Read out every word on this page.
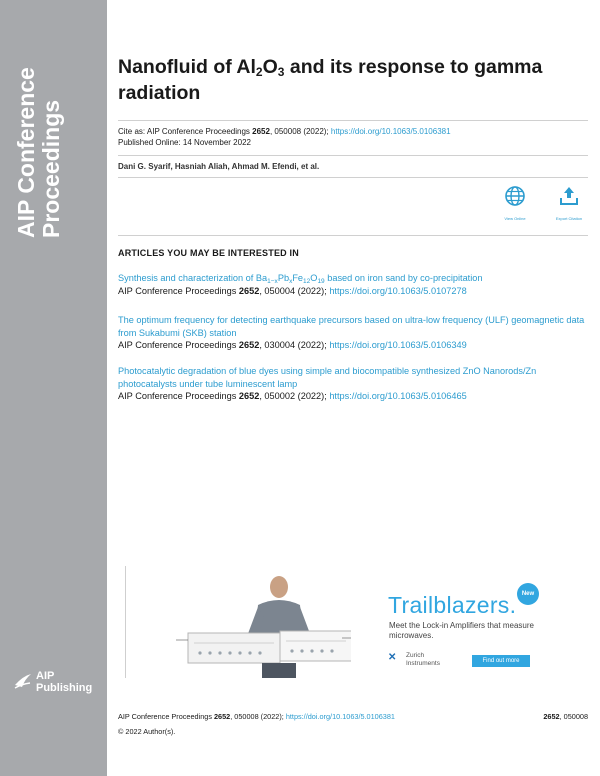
AIP Conference Proceedings
AIP
Publishing
Nanofluid of $Al_2O_3$ and its response to gamma radiation
Cite as: AIP Conference Proceedings 2652, 050008 (2022); https://doi.org/10.1063/5.0106381
Published Online: 14 November 2022
Dani G. Syarif, Hasniah Aliah, Ahmad M. Efendi, et al.
View Online	Export Citation
ARTICLES YOU MAY BE INTERESTED IN
Synthesis and characterization of $Ba_{1-x}Pb_xFe_{12}O_{19}$ based on iron sand by co-precipitation
AIP Conference Proceedings 2652, 050004 (2022); https://doi.org/10.1063/5.0107278
The optimum frequency for detecting earthquake precursors based on ultra-low frequency (ULF) geomagnetic data from Sukabumi (SKB) station
AIP Conference Proceedings 2652, 030004 (2022); https://doi.org/10.1063/5.0106349
Photocatalytic degradation of blue dyes using simple and biocompatible synthesized ZnO Nanorods/Zn photocatalysts under tube luminescent lamp
AIP Conference Proceedings 2652, 050002 (2022); https://doi.org/10.1063/5.0106465
New
Trailblazers.
Meet the Lock-in Amplifiers that measure microwaves.
✕ Zurich
Instruments	Find out more
AIP Conference Proceedings 2652, 050008 (2022); https://doi.org/10.1063/5.0106381	2652, 050008
© 2022 Author(s).
